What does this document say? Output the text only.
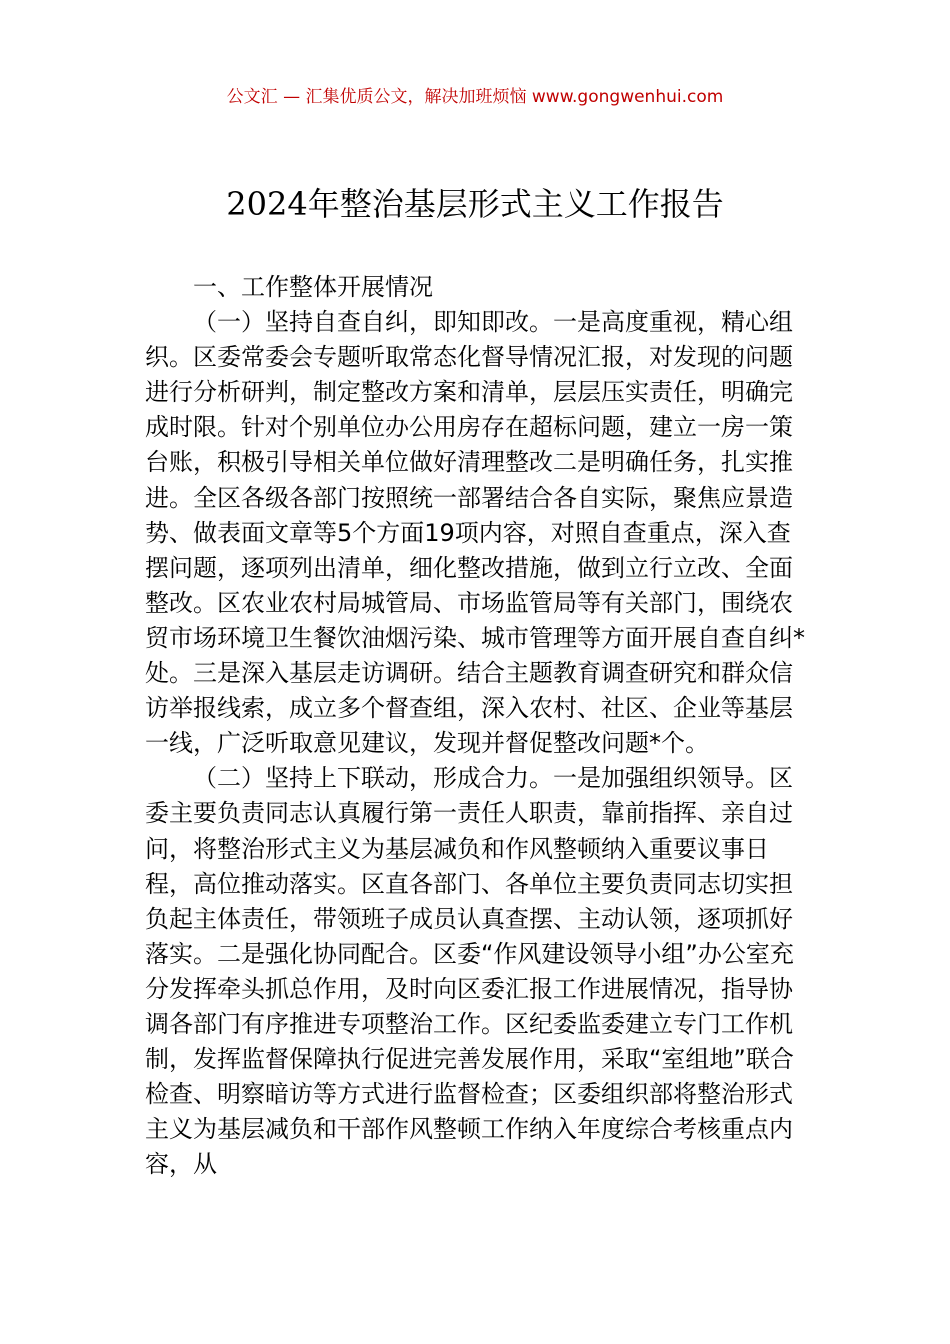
公文汇 — 汇集优质公文，解决加班烦恼 www.gongwenhui.com
2024年整治基层形式主义工作报告

一、工作整体开展情况

（一）坚持自查自纠，即知即改。一是高度重视，精心组织。区委常委会专题听取常态化督导情况汇报，对发现的问题进行分析研判，制定整改方案和清单，层层压实责任，明确完成时限。针对个别单位办公用房存在超标问题，建立一房一策台账，积极引导相关单位做好清理整改二是明确任务，扎实推进。全区各级各部门按照统一部署结合各自实际，聚焦应景造势、做表面文章等5个方面19项内容，对照自查重点，深入查摆问题，逐项列出清单，细化整改措施，做到立行立改、全面整改。区农业农村局城管局、市场监管局等有关部门，围绕农贸市场环境卫生餐饮油烟污染、城市管理等方面开展自查自纠*处。三是深入基层走访调研。结合主题教育调查研究和群众信访举报线索，成立多个督查组，深入农村、社区、企业等基层一线，广泛听取意见建议，发现并督促整改问题*个。

（二）坚持上下联动，形成合力。一是加强组织领导。区委主要负责同志认真履行第一责任人职责，靠前指挥、亲自过问，将整治形式主义为基层减负和作风整顿纳入重要议事日程，高位推动落实。区直各部门、各单位主要负责同志切实担负起主体责任，带领班子成员认真查摆、主动认领，逐项抓好落实。二是强化协同配合。区委“作风建设领导小组”办公室充分发挥牵头抓总作用，及时向区委汇报工作进展情况，指导协调各部门有序推进专项整治工作。区纪委监委建立专门工作机制，发挥监督保障执行促进完善发展作用，采取“室组地”联合检查、明察暗访等方式进行监督检查；区委组织部将整治形式主义为基层减负和干部作风整顿工作纳入年度综合考核重点内容，从
